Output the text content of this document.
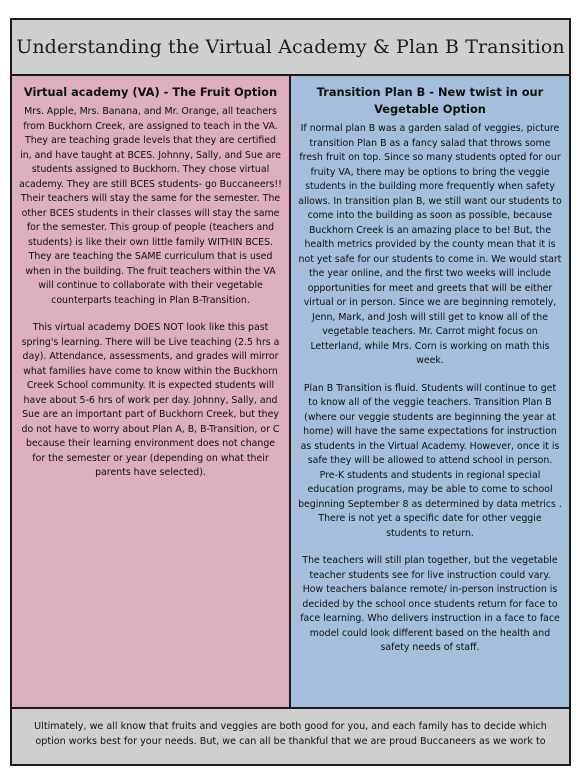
Understanding the Virtual Academy & Plan B Transition
Virtual academy (VA) - The Fruit Option

Mrs. Apple, Mrs. Banana, and Mr. Orange, all teachers from Buckhorn Creek, are assigned to teach in the VA. They are teaching grade levels that they are certified in, and have taught at BCES. Johnny, Sally, and Sue are students assigned to Buckhorn. They chose virtual academy. They are still BCES students- go Buccaneers!! Their teachers will stay the same for the semester. The other BCES students in their classes will stay the same for the semester. This group of people (teachers and students) is like their own little family WITHIN BCES. They are teaching the SAME curriculum that is used when in the building. The fruit teachers within the VA will continue to collaborate with their vegetable counterparts teaching in Plan B-Transition.

This virtual academy DOES NOT look like this past spring's learning. There will be Live teaching (2.5 hrs a day). Attendance, assessments, and grades will mirror what families have come to know within the Buckhorn Creek School community. It is expected students will have about 5-6 hrs of work per day. Johnny, Sally, and Sue are an important part of Buckhorn Creek, but they do not have to worry about Plan A, B, B-Transition, or C because their learning environment does not change for the semester or year (depending on what their parents have selected).

Transition Plan B - New twist in our Vegetable Option

If normal plan B was a garden salad of veggies, picture transition Plan B as a fancy salad that throws some fresh fruit on top. Since so many students opted for our fruity VA, there may be options to bring the veggie students in the building more frequently when safety allows. In transition plan B, we still want our students to come into the building as soon as possible, because Buckhorn Creek is an amazing place to be! But, the health metrics provided by the county mean that it is not yet safe for our students to come in. We would start the year online, and the first two weeks will include opportunities for meet and greets that will be either virtual or in person. Since we are beginning remotely, Jenn, Mark, and Josh will still get to know all of the vegetable teachers. Mr. Carrot might focus on Letterland, while Mrs. Corn is working on math this week.

Plan B Transition is fluid. Students will continue to get to know all of the veggie teachers. Transition Plan B (where our veggie students are beginning the year at home) will have the same expectations for instruction as students in the Virtual Academy. However, once it is safe they will be allowed to attend school in person. Pre-K students and students in regional special education programs, may be able to come to school beginning September 8 as determined by data metrics . There is not yet a specific date for other veggie students to return.

The teachers will still plan together, but the vegetable teacher students see for live instruction could vary. How teachers balance remote/ in-person instruction is decided by the school once students return for face to face learning. Who delivers instruction in a face to face model could look different based on the health and safety needs of staff.

Ultimately, we all know that fruits and veggies are both good for you, and each family has to decide which option works best for your needs. But, we can all be thankful that we are proud Buccaneers as we work to
